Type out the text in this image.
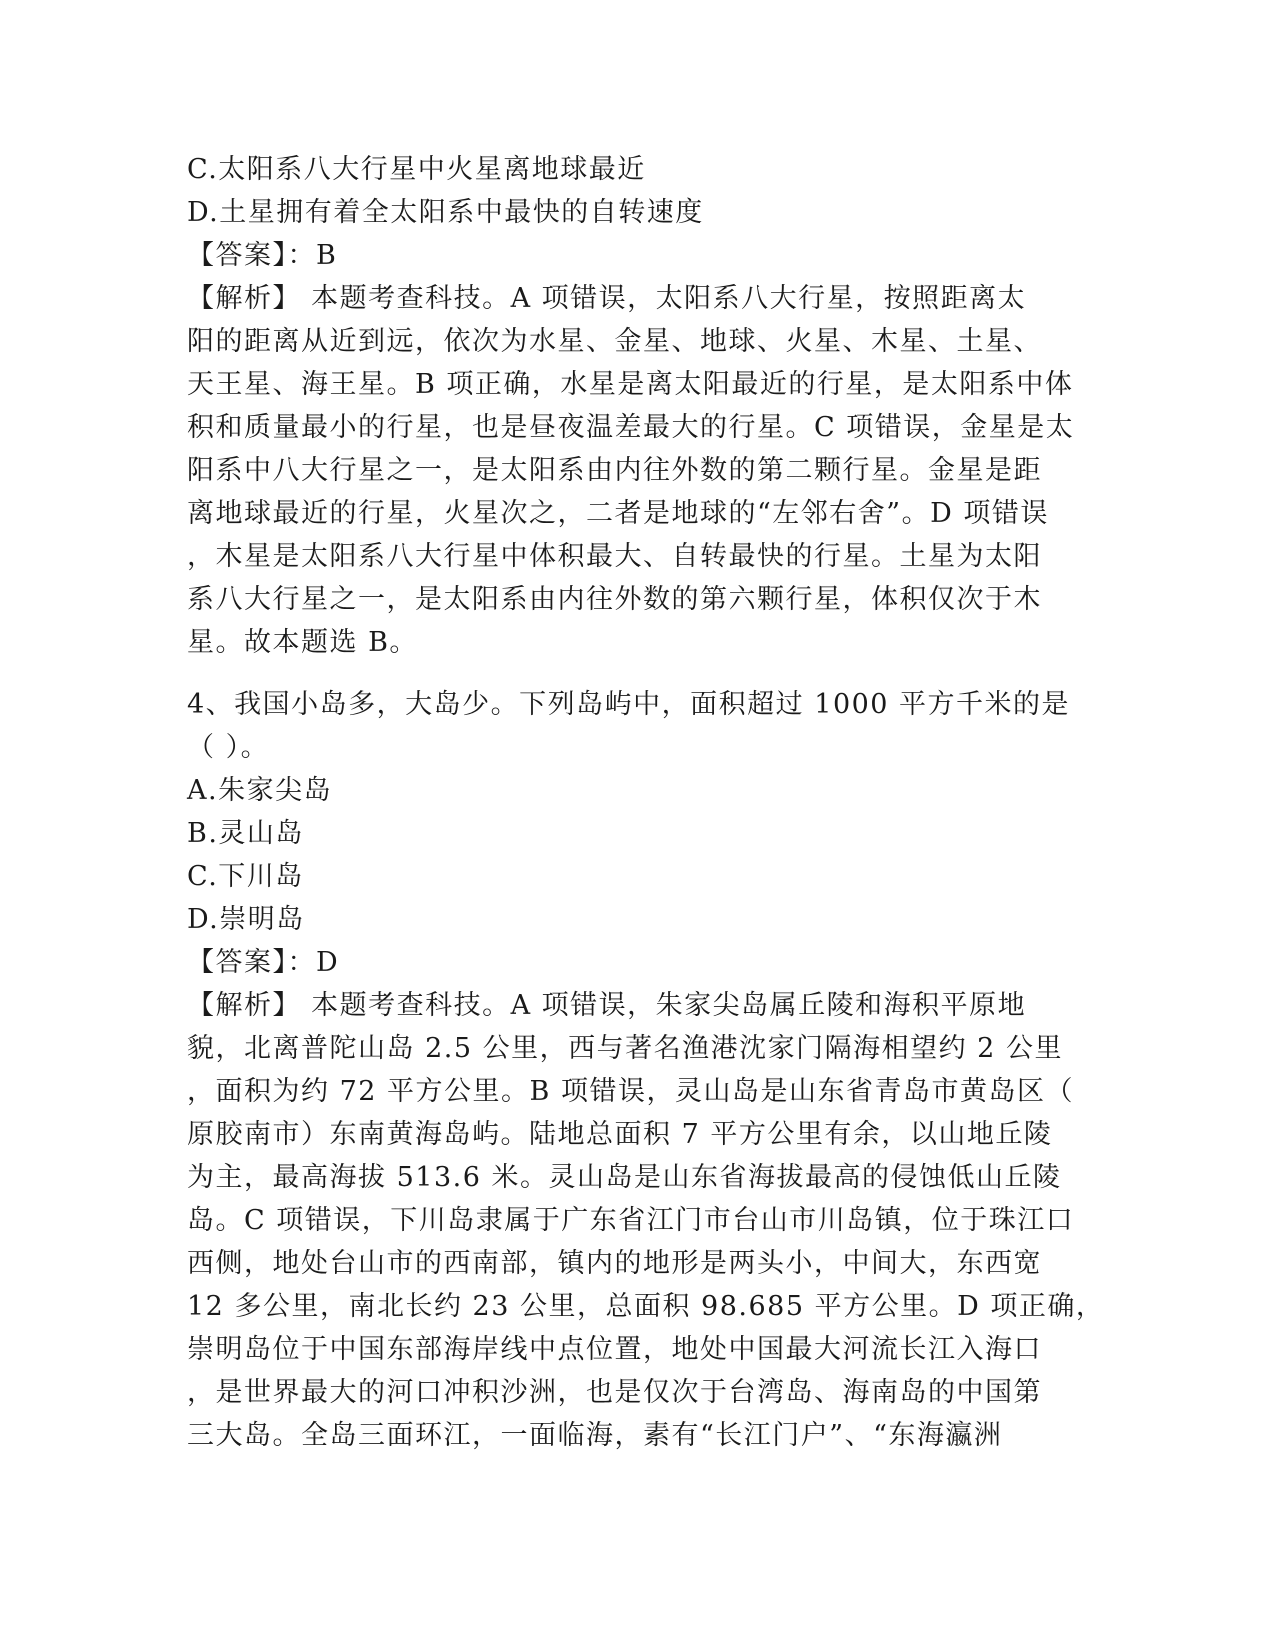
C.太阳系八大行星中火星离地球最近
D.土星拥有着全太阳系中最快的自转速度
【答案】：B
【解析】 本题考查科技。A 项错误，太阳系八大行星，按照距离太
阳的距离从近到远，依次为水星、金星、地球、火星、木星、土星、
天王星、海王星。B 项正确，水星是离太阳最近的行星，是太阳系中体
积和质量最小的行星，也是昼夜温差最大的行星。C 项错误，金星是太
阳系中八大行星之一，是太阳系由内往外数的第二颗行星。金星是距
离地球最近的行星，火星次之，二者是地球的“左邻右舍”。D 项错误
，木星是太阳系八大行星中体积最大、自转最快的行星。土星为太阳
系八大行星之一，是太阳系由内往外数的第六颗行星，体积仅次于木
星。故本题选 B。
4、我国小岛多，大岛少。下列岛屿中，面积超过 1000 平方千米的是
（ ）。
A.朱家尖岛
B.灵山岛
C.下川岛
D.崇明岛
【答案】：D
【解析】 本题考查科技。A 项错误，朱家尖岛属丘陵和海积平原地
貌，北离普陀山岛 2.5 公里，西与著名渔港沈家门隔海相望约 2 公里
，面积为约 72 平方公里。B 项错误，灵山岛是山东省青岛市黄岛区（
原胶南市）东南黄海岛屿。陆地总面积 7 平方公里有余，以山地丘陵
为主，最高海拔 513.6 米。灵山岛是山东省海拔最高的侵蚀低山丘陵
岛。C 项错误，下川岛隶属于广东省江门市台山市川岛镇，位于珠江口
西侧，地处台山市的西南部，镇内的地形是两头小，中间大，东西宽
12 多公里，南北长约 23 公里，总面积 98.685 平方公里。D 项正确，
崇明岛位于中国东部海岸线中点位置，地处中国最大河流长江入海口
，是世界最大的河口冲积沙洲，也是仅次于台湾岛、海南岛的中国第
三大岛。全岛三面环江，一面临海，素有“长江门户”、“东海瀛洲
